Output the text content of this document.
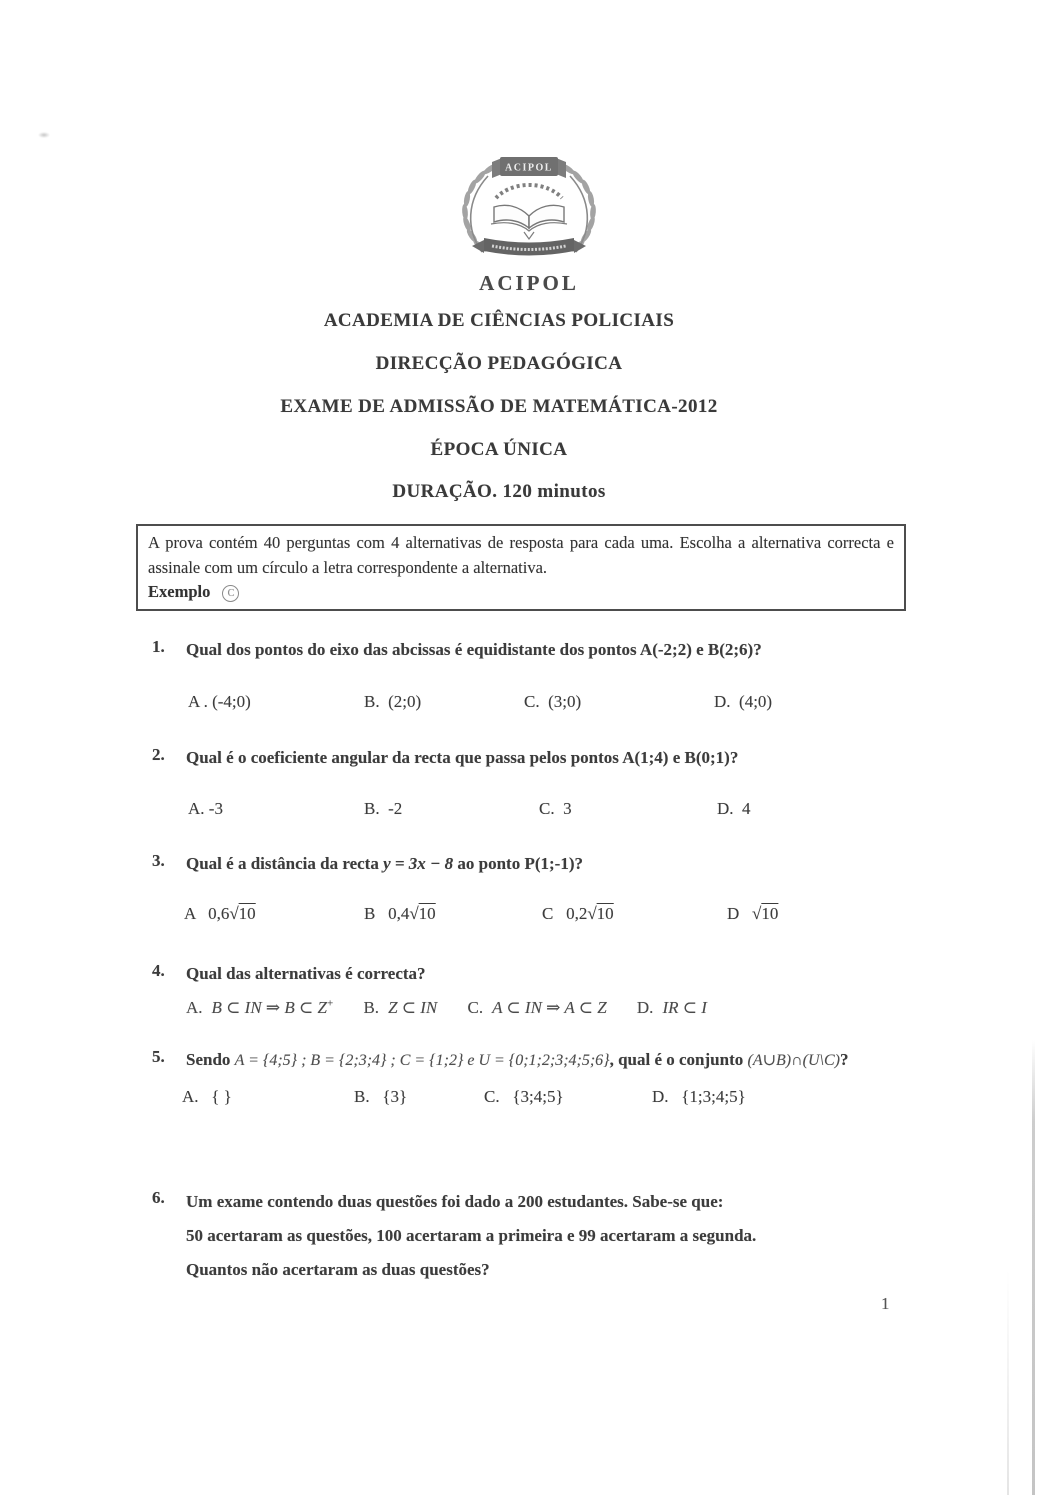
ACIPOL
ACIPOL
ACADEMIA DE CIÊNCIAS POLICIAIS
DIRECÇÃO PEDAGÓGICA
EXAME DE ADMISSÃO DE MATEMÁTICA-2012
ÉPOCA ÚNICA
DURAÇÃO. 120 minutos
A prova contém 40 perguntas com 4 alternativas de resposta para cada uma. Escolha a alternativa correcta e assinale com um círculo a letra correspondente a alternativa.
Exemplo C
1. Qual dos pontos do eixo das abcissas é equidistante dos pontos A(-2;2) e B(2;6)?
A . (-4;0)	B.  (2;0)	C.  (3;0)	D.  (4;0)
2. Qual é o coeficiente angular da recta que passa pelos pontos A(1;4) e B(0;1)?
A. -3	B.  -2	C.  3	D.  4
3. Qual é a distância da recta y = 3x − 8 ao ponto P(1;-1)?
A   0,6√10	B   0,4√10	C   0,2√10	D   √10
4. Qual das alternativas é correcta?
A. B ⊂ IN ⇒ B ⊂ Z+ B. Z ⊂ IN C. A ⊂ IN ⇒ A ⊂ Z D. IR ⊂ I
5. Sendo A = {4;5} ; B = {2;3;4} ; C = {1;2} e U = {0;1;2;3;4;5;6}, qual é o conjunto (A∪B)∩(U\C)?
A.   { }	B.   {3}	C.   {3;4;5}	D.   {1;3;4;5}
6. Um exame contendo duas questões foi dado a 200 estudantes. Sabe-se que:
50 acertaram as questões, 100 acertaram a primeira e 99 acertaram a segunda.
Quantos não acertaram as duas questões?
1
